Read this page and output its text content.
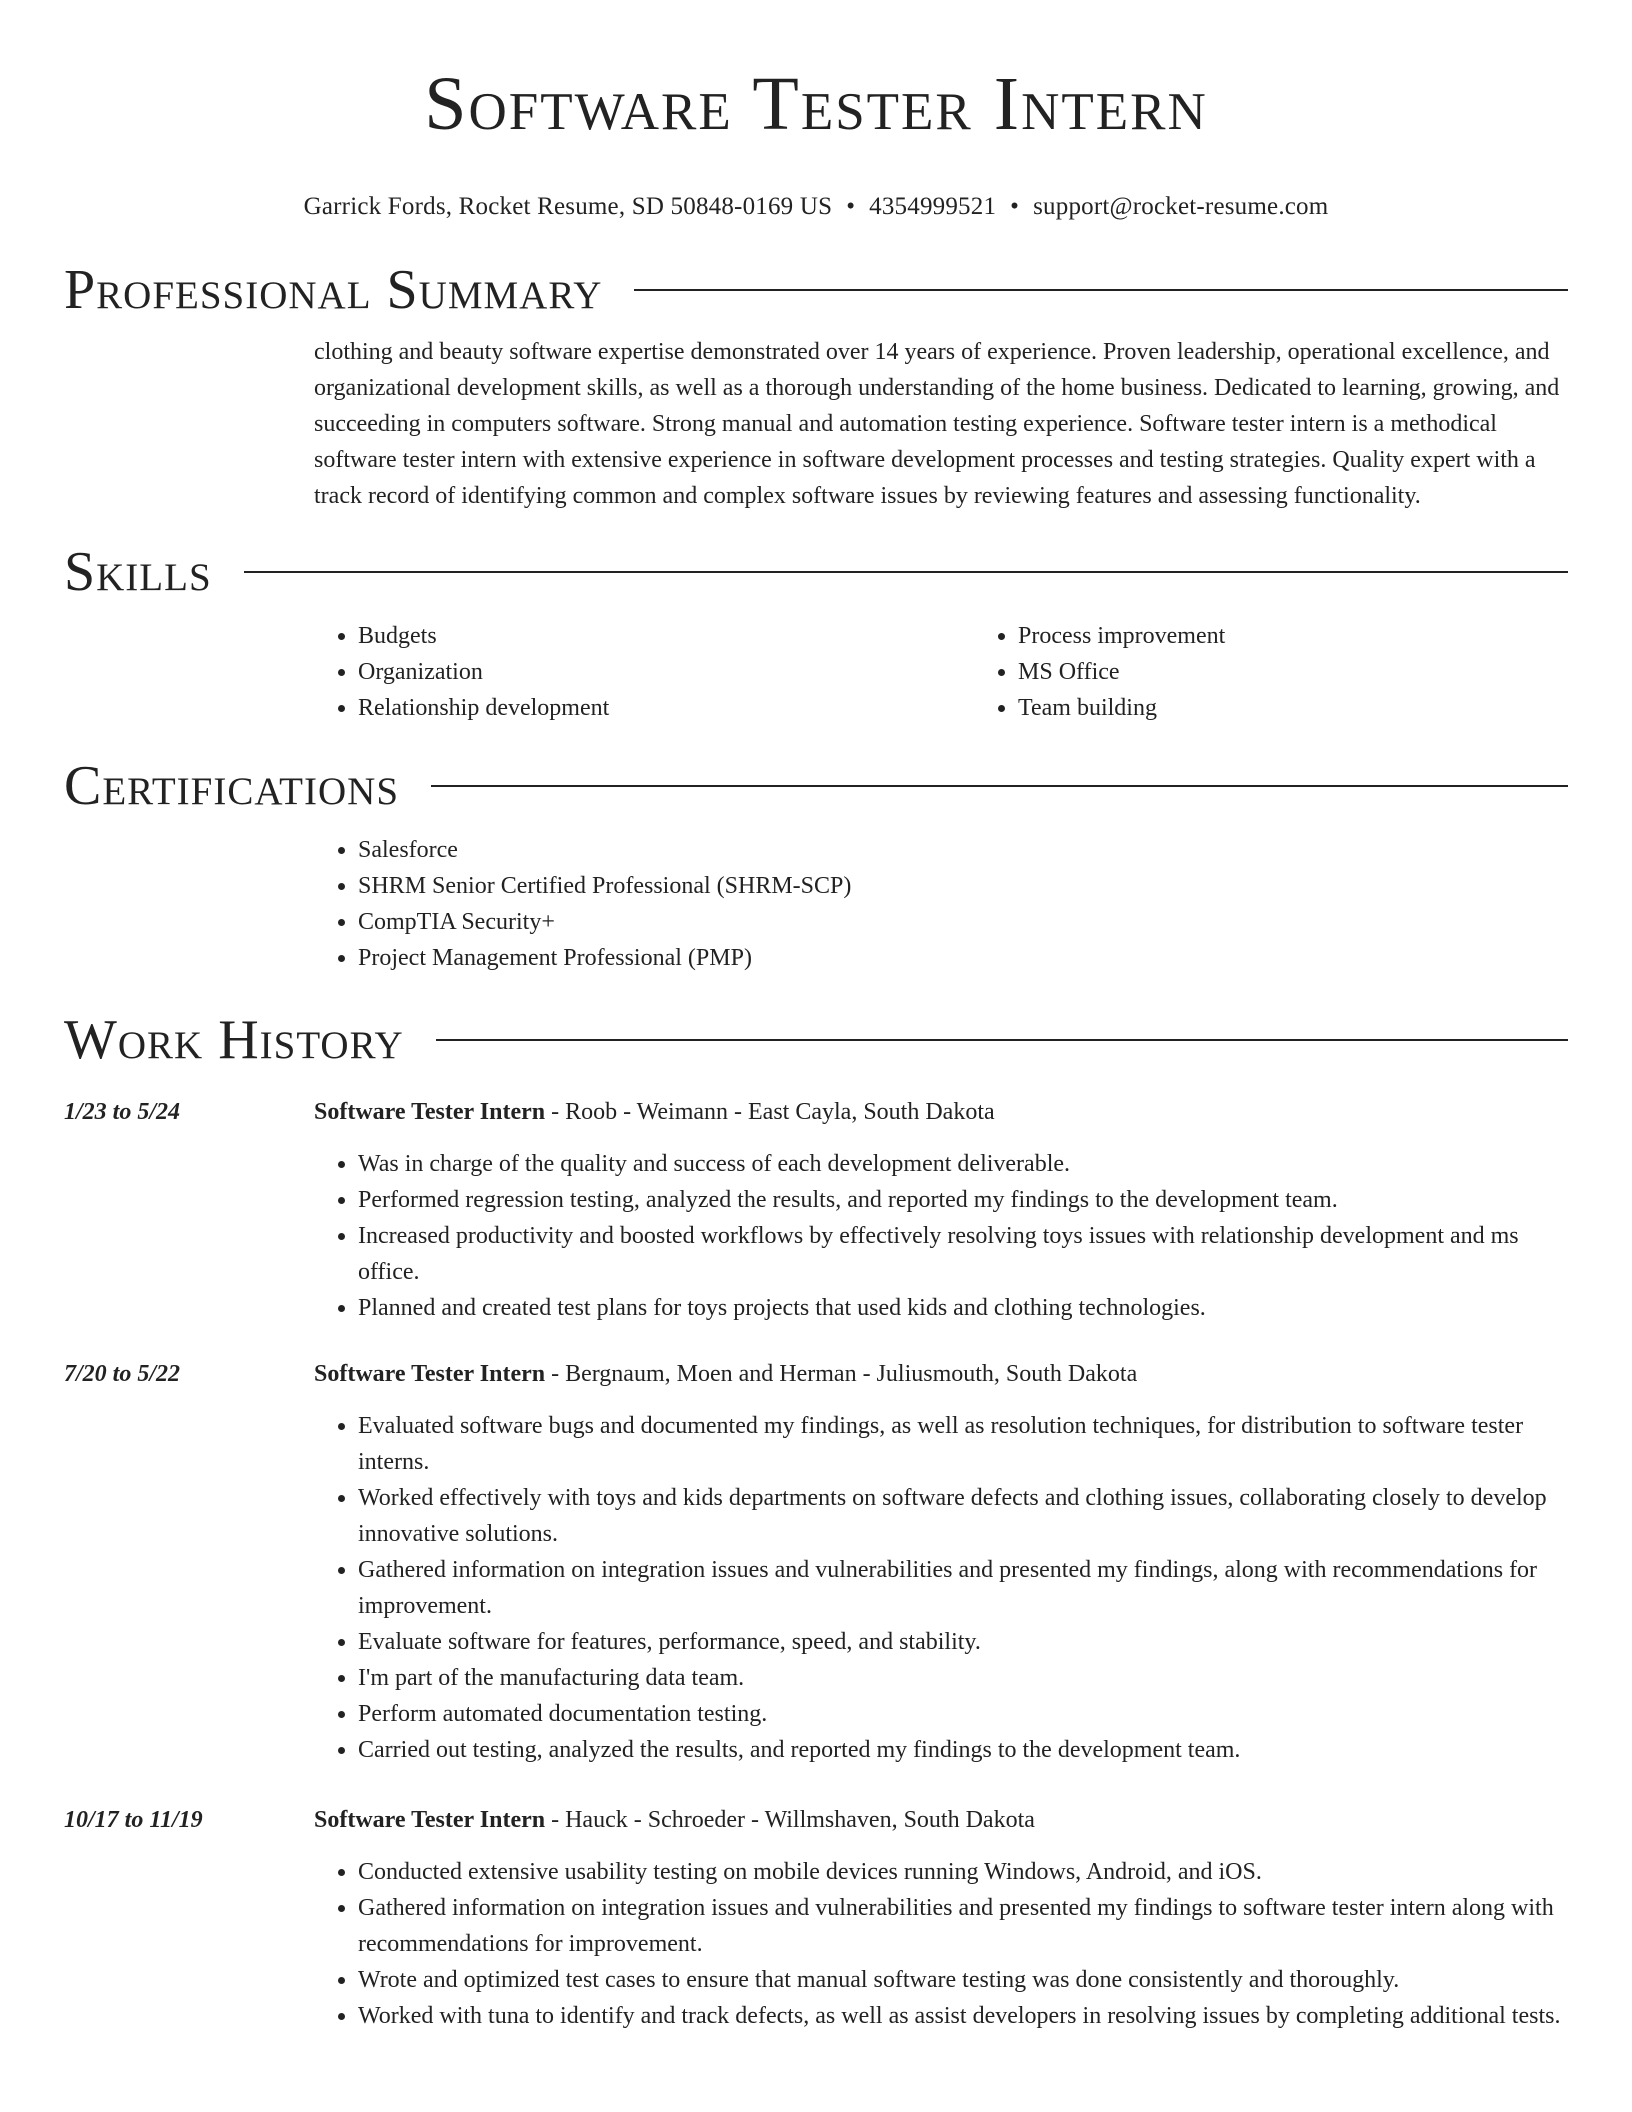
Software Tester Intern
Garrick Fords, Rocket Resume, SD 50848-0169 US • 4354999521 • support@rocket-resume.com
Professional Summary
clothing and beauty software expertise demonstrated over 14 years of experience. Proven leadership, operational excellence, and organizational development skills, as well as a thorough understanding of the home business. Dedicated to learning, growing, and succeeding in computers software. Strong manual and automation testing experience. Software tester intern is a methodical software tester intern with extensive experience in software development processes and testing strategies. Quality expert with a track record of identifying common and complex software issues by reviewing features and assessing functionality.
Skills
• Budgets
• Organization
• Relationship development
• Process improvement
• MS Office
• Team building
Certifications
• Salesforce
• SHRM Senior Certified Professional (SHRM-SCP)
• CompTIA Security+
• Project Management Professional (PMP)
Work History
1/23 to 5/24	Software Tester Intern - Roob - Weimann - East Cayla, South Dakota
• Was in charge of the quality and success of each development deliverable.
• Performed regression testing, analyzed the results, and reported my findings to the development team.
• Increased productivity and boosted workflows by effectively resolving toys issues with relationship development and ms office.
• Planned and created test plans for toys projects that used kids and clothing technologies.
7/20 to 5/22	Software Tester Intern - Bergnaum, Moen and Herman - Juliusmouth, South Dakota
• Evaluated software bugs and documented my findings, as well as resolution techniques, for distribution to software tester interns.
• Worked effectively with toys and kids departments on software defects and clothing issues, collaborating closely to develop innovative solutions.
• Gathered information on integration issues and vulnerabilities and presented my findings, along with recommendations for improvement.
• Evaluate software for features, performance, speed, and stability.
• I'm part of the manufacturing data team.
• Perform automated documentation testing.
• Carried out testing, analyzed the results, and reported my findings to the development team.
10/17 to 11/19	Software Tester Intern - Hauck - Schroeder - Willmshaven, South Dakota
• Conducted extensive usability testing on mobile devices running Windows, Android, and iOS.
• Gathered information on integration issues and vulnerabilities and presented my findings to software tester intern along with recommendations for improvement.
• Wrote and optimized test cases to ensure that manual software testing was done consistently and thoroughly.
• Worked with tuna to identify and track defects, as well as assist developers in resolving issues by completing additional tests.
